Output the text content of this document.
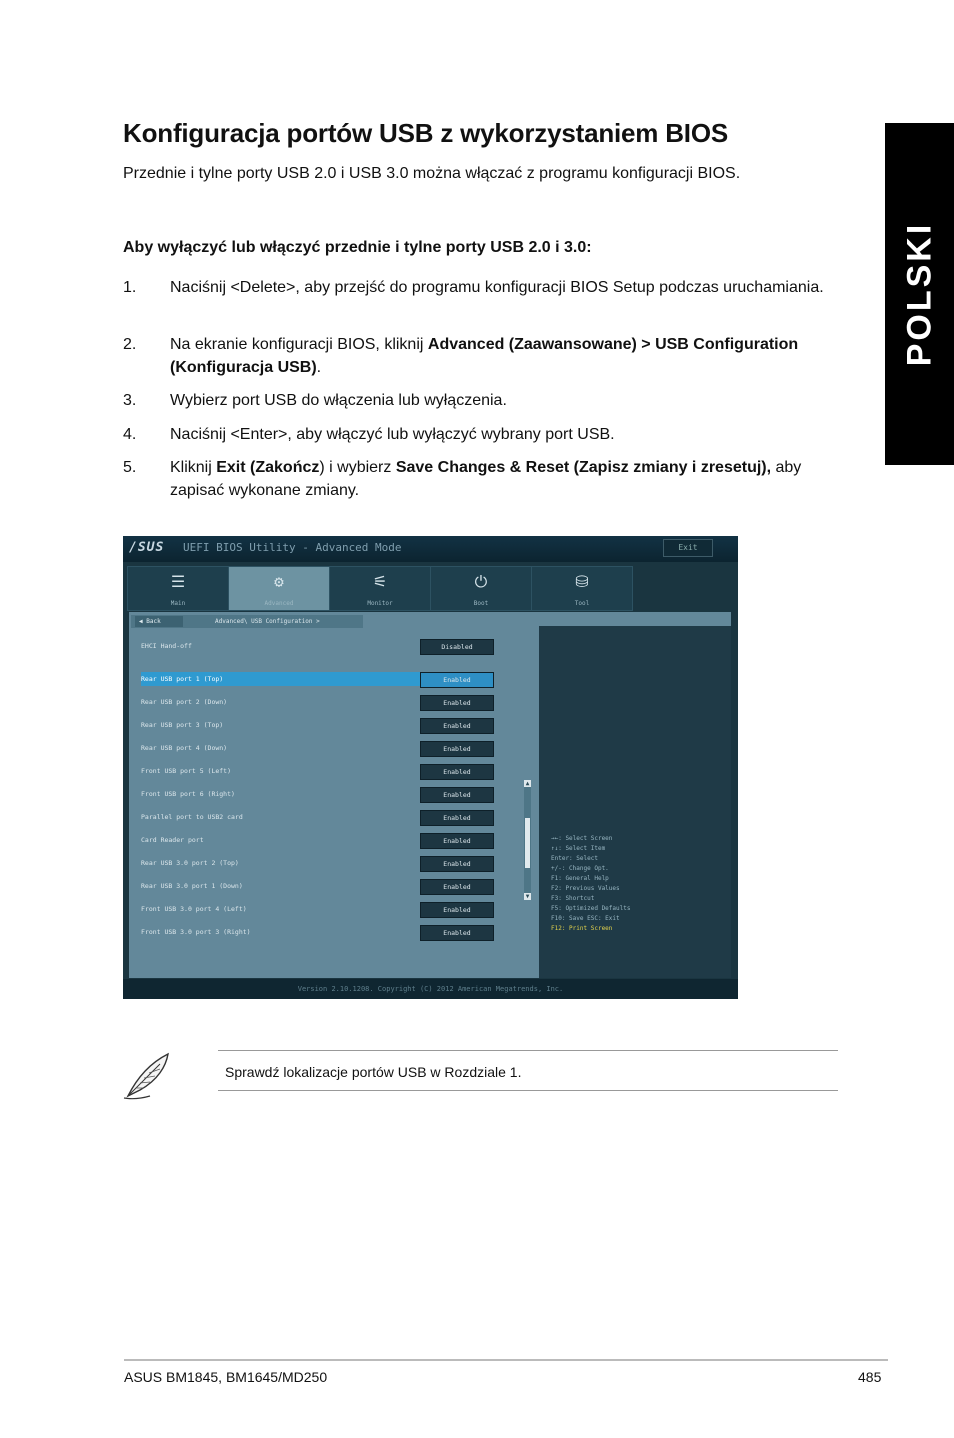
Konfiguracja portów USB z wykorzystaniem BIOS
Przednie i tylne porty USB 2.0 i USB 3.0 można włączać z programu konfiguracji BIOS.
Aby wyłączyć lub włączyć przednie i tylne porty USB 2.0 i 3.0:
1.	Naciśnij <Delete>, aby przejść do programu konfiguracji BIOS Setup podczas uruchamiania.
2.	Na ekranie konfiguracji BIOS, kliknij Advanced (Zaawansowane) > USB Configuration (Konfiguracja USB).
3.	Wybierz port USB do włączenia lub wyłączenia.
4.	Naciśnij <Enter>, aby włączyć lub wyłączyć wybrany port USB.
5.	Kliknij Exit (Zakończ) i wybierz Save Changes & Reset (Zapisz zmiany i zresetuj), aby zapisać wykonane zmiany.
POLSKI
/SUS UEFI BIOS Utility - Advanced Mode	Exit
☰
Main
⚙
Advanced
⚟
Monitor
⏻
Boot
⛁
Tool
◀ Back	Advanced\ USB Configuration >
EHCI Hand-off	Disabled
Rear USB port 1 (Top)	Enabled
Rear USB port 2 (Down)	Enabled
Rear USB port 3 (Top)	Enabled
Rear USB port 4 (Down)	Enabled
Front USB port 5 (Left)	Enabled
Front USB port 6 (Right)	Enabled
Parallel port to USB2 card	Enabled
Card Reader port	Enabled
Rear USB 3.0 port 2 (Top)	Enabled
Rear USB 3.0 port 1 (Down)	Enabled
Front USB 3.0 port 4 (Left)	Enabled
Front USB 3.0 port 3 (Right)	Enabled
▲
▼
→←: Select Screen
↑↓: Select Item
Enter: Select
+/-: Change Opt.
F1: General Help
F2: Previous Values
F3: Shortcut
F5: Optimized Defaults
F10: Save ESC: Exit
F12: Print Screen
Version 2.10.1208. Copyright (C) 2012 American Megatrends, Inc.
Sprawdź lokalizacje portów USB w Rozdziale 1.
ASUS BM1845, BM1645/MD250	485
